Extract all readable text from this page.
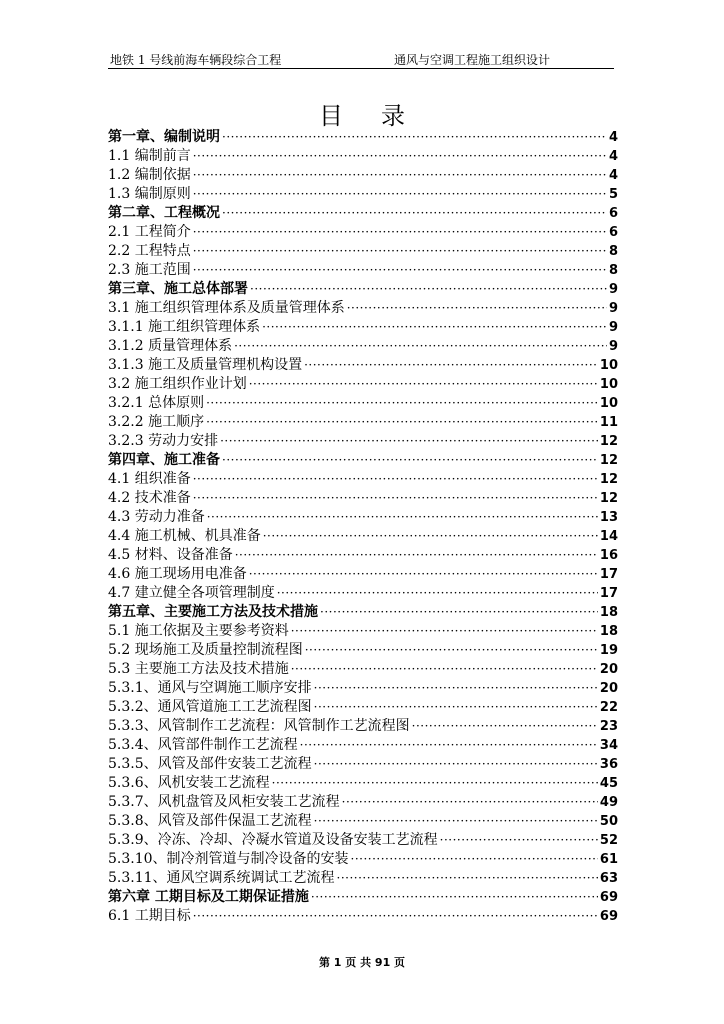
地铁 1 号线前海车辆段综合工程	通风与空调工程施工组织设计
目录
第一章、编制说明 ·····	4
1.1 编制前言 ·····	4
1.2 编制依据 ·····	4
1.3 编制原则 ·····	5
第二章、工程概况 ·····	6
2.1 工程简介 ·····	6
2.2 工程特点 ·····	8
2.3 施工范围 ·····	8
第三章、施工总体部署 ·····	9
3.1 施工组织管理体系及质量管理体系 ·····	9
3.1.1 施工组织管理体系 ·····	9
3.1.2 质量管理体系 ·····	9
3.1.3 施工及质量管理机构设置 ·····	10
3.2 施工组织作业计划 ·····	10
3.2.1 总体原则 ·····	10
3.2.2 施工顺序 ·····	11
3.2.3 劳动力安排 ·····	12
第四章、施工准备 ·····	12
4.1 组织准备 ·····	12
4.2 技术准备 ·····	12
4.3 劳动力准备 ·····	13
4.4 施工机械、机具准备 ·····	14
4.5 材料、设备准备 ·····	16
4.6 施工现场用电准备 ·····	17
4.7 建立健全各项管理制度 ·····	17
第五章、主要施工方法及技术措施 ·····	18
5.1 施工依据及主要参考资料 ·····	18
5.2 现场施工及质量控制流程图 ·····	19
5.3 主要施工方法及技术措施 ·····	20
5.3.1、通风与空调施工顺序安排 ·····	20
5.3.2、通风管道施工工艺流程图 ·····	22
5.3.3、风管制作工艺流程：风管制作工艺流程图 ·····	23
5.3.4、风管部件制作工艺流程 ·····	34
5.3.5、风管及部件安装工艺流程 ·····	36
5.3.6、风机安装工艺流程 ·····	45
5.3.7、风机盘管及风柜安装工艺流程 ·····	49
5.3.8、风管及部件保温工艺流程 ·····	50
5.3.9、冷冻、冷却、冷凝水管道及设备安装工艺流程 ·····	52
5.3.10、制冷剂管道与制冷设备的安装 ·····	61
5.3.11、通风空调系统调试工艺流程 ·····	63
第六章 工期目标及工期保证措施 ·····	69
6.1 工期目标 ·····	69
第 1 页 共 91 页
